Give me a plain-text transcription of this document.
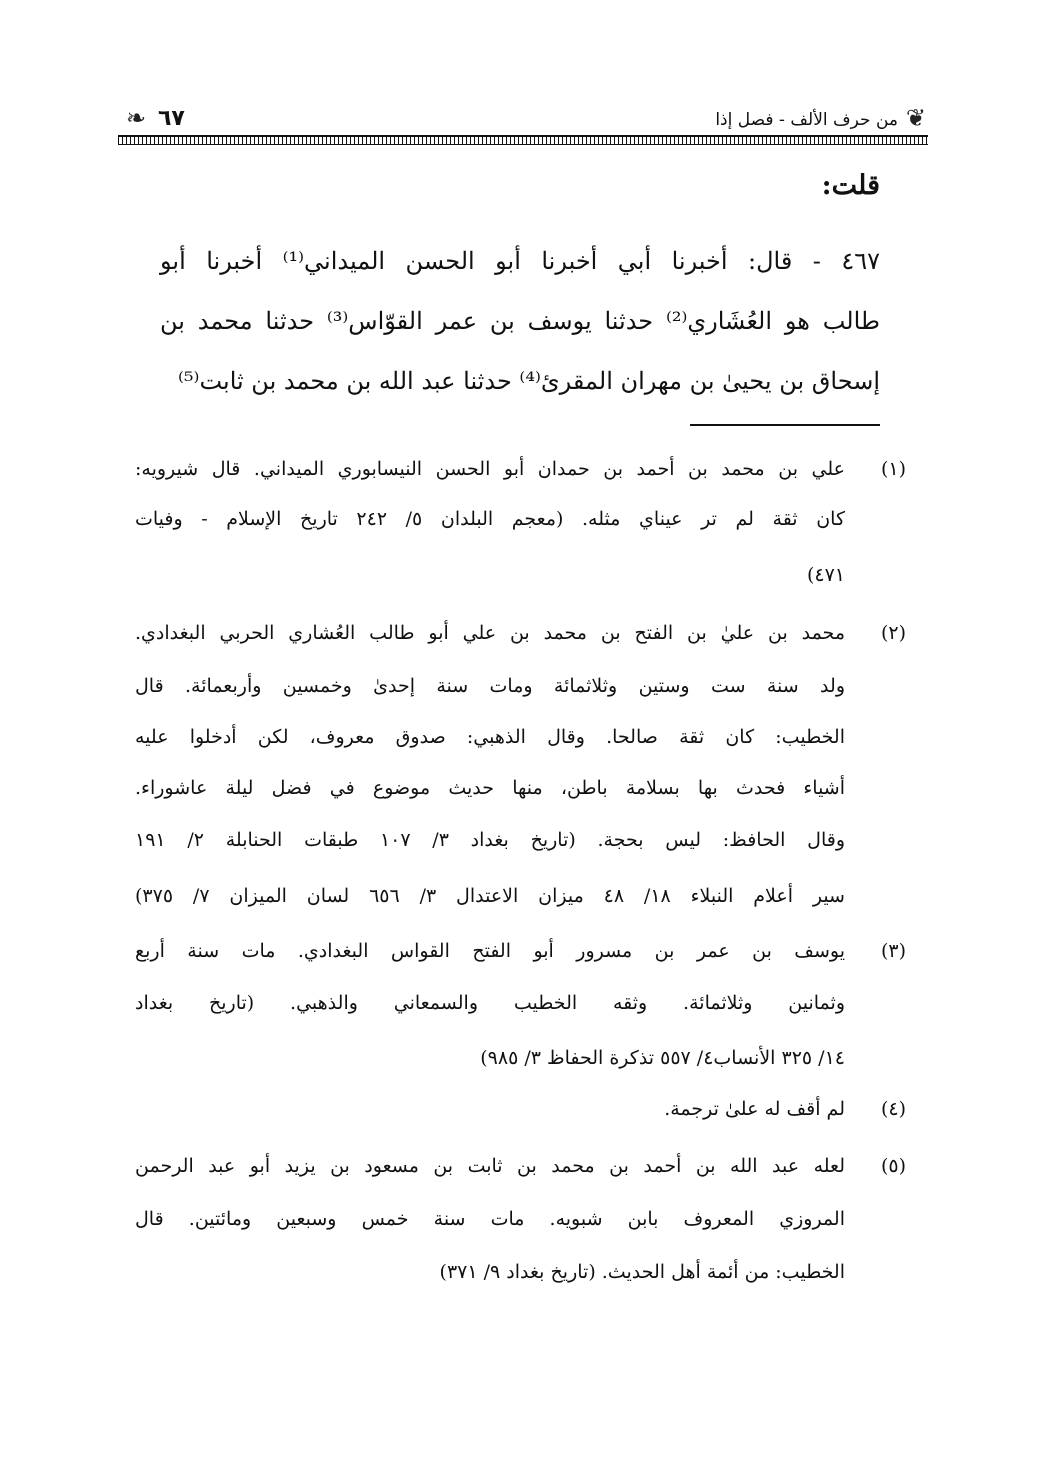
❦
من حرف الألف - فصل إذا
٦٧
❧
قلت:
٤٦٧ - قال: أخبرنا أبي أخبرنا أبو الحسن الميداني⁽¹⁾ أخبرنا أبو
طالب هو العُشَاري⁽²⁾ حدثنا يوسف بن عمر القوّاس⁽³⁾ حدثنا محمد بن
إسحاق بن يحيىٰ بن مهران المقرئ⁽⁴⁾ حدثنا عبد الله بن محمد بن ثابت⁽⁵⁾
(١)
علي بن محمد بن أحمد بن حمدان أبو الحسن النيسابوري الميداني. قال شيرويه:
كان ثقة لم تر عيناي مثله. (معجم البلدان ٥/ ٢٤٢ تاريخ الإسلام - وفيات
٤٧١)
(٢)
محمد بن عليٰ بن الفتح بن محمد بن علي أبو طالب العُشاري الحربي البغدادي.
ولد سنة ست وستين وثلاثمائة ومات سنة إحدىٰ وخمسين وأربعمائة. قال
الخطيب: كان ثقة صالحا. وقال الذهبي: صدوق معروف، لكن أدخلوا عليه
أشياء فحدث بها بسلامة باطن، منها حديث موضوع في فضل ليلة عاشوراء.
وقال الحافظ: ليس بحجة. (تاريخ بغداد ٣/ ١٠٧ طبقات الحنابلة ٢/ ١٩١
سير أعلام النبلاء ١٨/ ٤٨ ميزان الاعتدال ٣/ ٦٥٦ لسان الميزان ٧/ ٣٧٥)
(٣)
يوسف بن عمر بن مسرور أبو الفتح القواس البغدادي. مات سنة أربع
وثمانين وثلاثمائة. وثقه الخطيب والسمعاني والذهبي. (تاريخ بغداد
١٤/ ٣٢٥ الأنساب٤/ ٥٥٧ تذكرة الحفاظ ٣/ ٩٨٥)
(٤)
لم أقف له علىٰ ترجمة.
(٥)
لعله عبد الله بن أحمد بن محمد بن ثابت بن مسعود بن يزيد أبو عبد الرحمن
المروزي المعروف بابن شبويه. مات سنة خمس وسبعين ومائتين. قال
الخطيب: من أئمة أهل الحديث. (تاريخ بغداد ٩/ ٣٧١)
